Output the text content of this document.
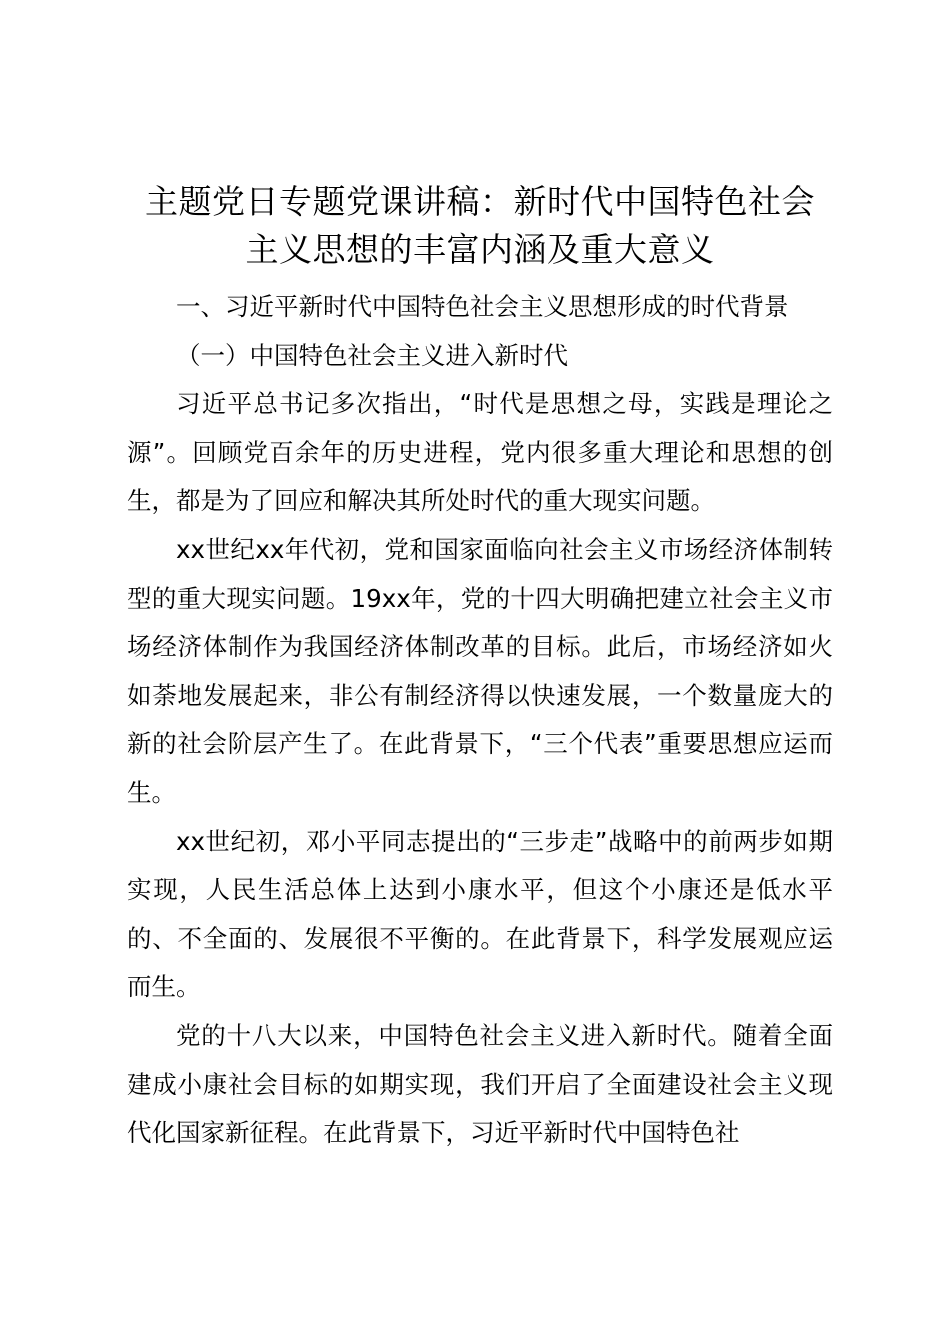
主题党日专题党课讲稿：新时代中国特色社会
主义思想的丰富内涵及重大意义

一、习近平新时代中国特色社会主义思想形成的时代背景

（一）中国特色社会主义进入新时代

习近平总书记多次指出，“时代是思想之母，实践是理论之源”。回顾党百余年的历史进程，党内很多重大理论和思想的创生，都是为了回应和解决其所处时代的重大现实问题。

xx世纪xx年代初，党和国家面临向社会主义市场经济体制转型的重大现实问题。19xx年，党的十四大明确把建立社会主义市场经济体制作为我国经济体制改革的目标。此后，市场经济如火如荼地发展起来，非公有制经济得以快速发展，一个数量庞大的新的社会阶层产生了。在此背景下，“三个代表”重要思想应运而生。

xx世纪初，邓小平同志提出的“三步走”战略中的前两步如期实现，人民生活总体上达到小康水平，但这个小康还是低水平的、不全面的、发展很不平衡的。在此背景下，科学发展观应运而生。

党的十八大以来，中国特色社会主义进入新时代。随着全面建成小康社会目标的如期实现，我们开启了全面建设社会主义现代化国家新征程。在此背景下，习近平新时代中国特色社
